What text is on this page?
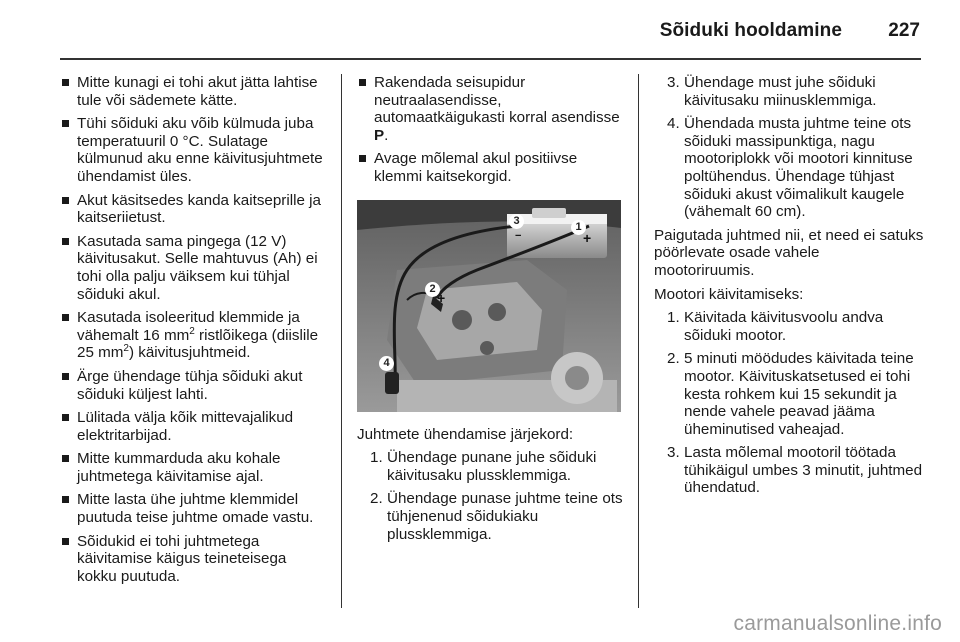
Sõiduki hooldamine 227
Mitte kunagi ei tohi akut jätta lahtise tule või sädemete kätte.
Tühi sõiduki aku võib külmuda juba temperatuuril 0 °C. Sulatage külmunud aku enne käivitusjuhtmete ühendamist üles.
Akut käsitsedes kanda kaitseprille ja kaitseriietust.
Kasutada sama pingega (12 V) käivitusakut. Selle mahtuvus (Ah) ei tohi olla palju väiksem kui tühjal sõiduki akul.
Kasutada isoleeritud klemmide ja vähemalt 16 $mm^2$ ristlõikega (diislile 25 $mm^2$) käivitusjuhtmeid.
Ärge ühendage tühja sõiduki akut sõiduki küljest lahti.
Lülitada välja kõik mittevajalikud elektritarbijad.
Mitte kummarduda aku kohale juhtmetega käivitamise ajal.
Mitte lasta ühe juhtme klemmidel puutuda teise juhtme omade vastu.
Sõidukid ei tohi juhtmetega käivitamise käigus teineteisega kokku puutuda.
Rakendada seisupidur neutraalasendisse, automaatkäigukasti korral asendisse P.
Avage mõlemal akul positiivse klemmi kaitsekorgid.
3	1
2
4
−	+
+
Juhtmete ühendamise järjekord:
1. Ühendage punane juhe sõiduki käivitusaku plussklemmiga.
2. Ühendage punase juhtme teine ots tühjenenud sõidukiaku plussklemmiga.
3. Ühendage must juhe sõiduki käivitusaku miinusklemmiga.
4. Ühendada musta juhtme teine ots sõiduki massipunktiga, nagu mootoriplokk või mootori kinnituse poltühendus. Ühendage tühjast sõiduki akust võimalikult kaugele (vähemalt 60 cm).
Paigutada juhtmed nii, et need ei satuks pöörlevate osade vahele mootoriruumis.
Mootori käivitamiseks:
1. Käivitada käivitusvoolu andva sõiduki mootor.
2. 5 minuti möödudes käivitada teine mootor. Käivituskatsetused ei tohi kesta rohkem kui 15 sekundit ja nende vahele peavad jääma üheminutised vaheajad.
3. Lasta mõlemal mootoril töötada tühikäigul umbes 3 minutit, juhtmed ühendatud.
carmanualsonline.info
